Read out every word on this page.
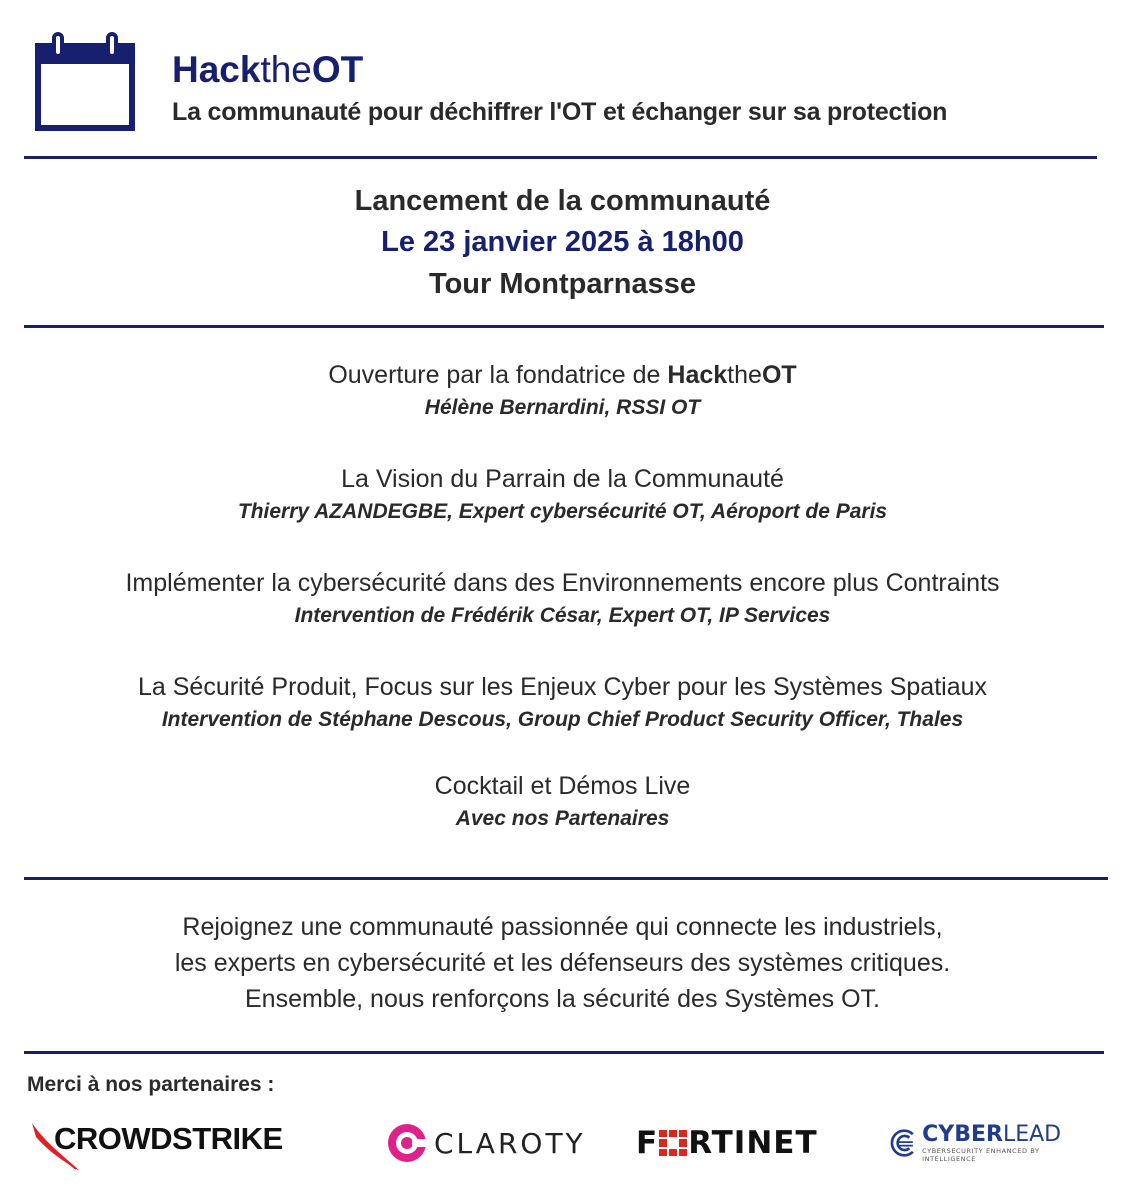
HacktheOT
La communauté pour déchiffrer l'OT et échanger sur sa protection
Lancement de la communauté
Le 23 janvier 2025 à 18h00
Tour Montparnasse
Ouverture par la fondatrice de HacktheOT
Hélène Bernardini, RSSI OT
La Vision du Parrain de la Communauté
Thierry AZANDEGBE, Expert cybersécurité OT, Aéroport de Paris
Implémenter la cybersécurité dans des Environnements encore plus Contraints
Intervention de Frédérik César, Expert OT, IP Services
La Sécurité Produit, Focus sur les Enjeux Cyber pour les Systèmes Spatiaux
Intervention de Stéphane Descous, Group Chief Product Security Officer, Thales
Cocktail et Démos Live
Avec nos Partenaires
Rejoignez une communauté passionnée qui connecte les industriels,
les experts en cybersécurité et les défenseurs des systèmes critiques.
Ensemble, nous renforçons la sécurité des Systèmes OT.
Merci à nos partenaires :
CROWDSTRIKE	CLAROTY F RTINET	CYBERLEAD
CYBERSECURITY ENHANCED BY INTELLIGENCE
